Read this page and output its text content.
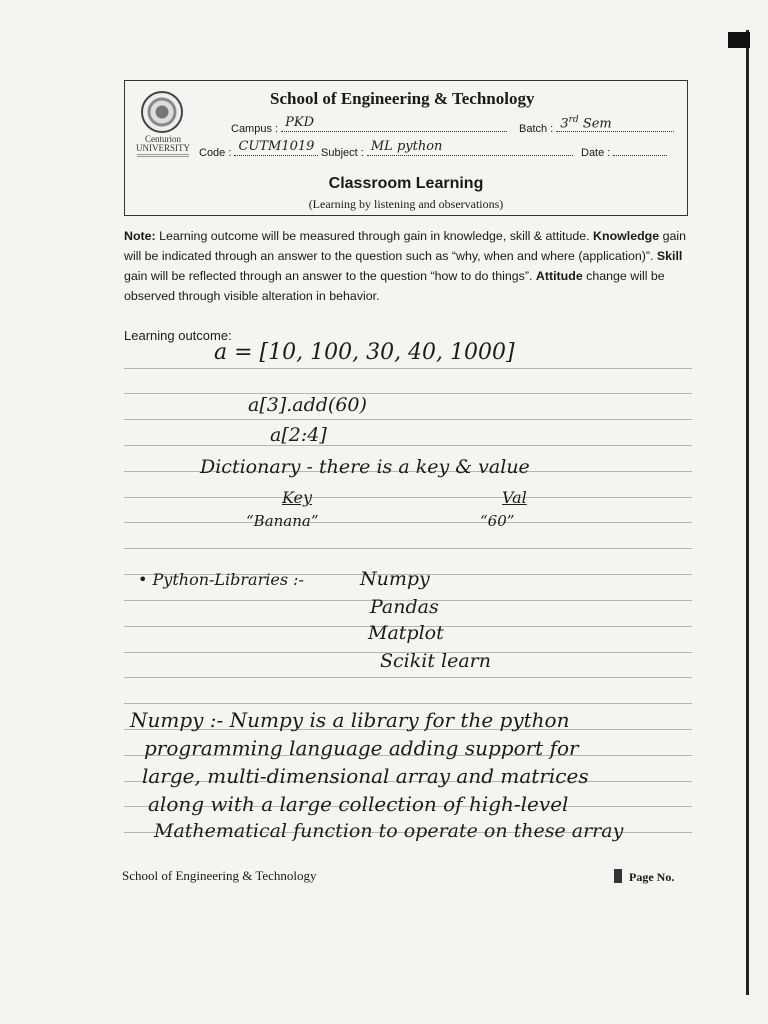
Centurion UNIVERSITY
School of Engineering & Technology
Campus : PKD	Batch : 3rd Sem
Code : CUTM1019 Subject : ML python	Date :
Classroom Learning
(Learning by listening and observations)
Note: Learning outcome will be measured through gain in knowledge, skill & attitude. Knowledge gain will be indicated through an answer to the question such as “why, when and where (application)”. Skill gain will be reflected through an answer to the question “how to do things”. Attitude change will be observed through visible alteration in behavior.
Learning outcome:
a = [10, 100, 30, 40, 1000]
a[3].add(60)
a[2:4]
Dictionary - there is a key & value
Key	Val
“Banana”	“60”
• Python-Libraries :-	Numpy
Pandas
Matplot
Scikit learn
Numpy :- Numpy is a library for the python
programming language adding support for
large, multi-dimensional array and matrices
along with a large collection of high-level
Mathematical function to operate on these array
School of Engineering & Technology	Page No.
